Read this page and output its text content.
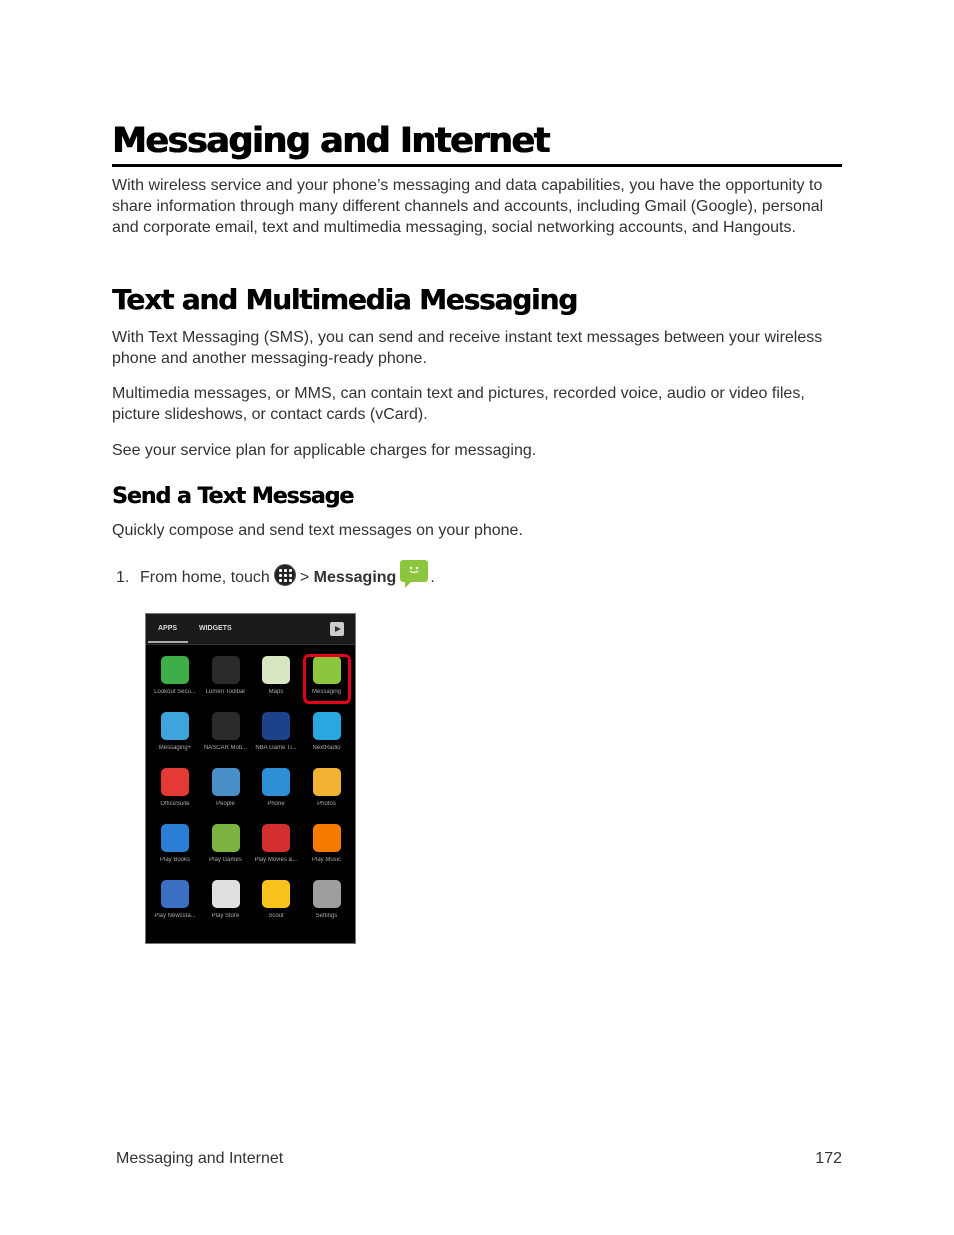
Messaging and Internet

With wireless service and your phone’s messaging and data capabilities, you have the opportunity to share information through many different channels and accounts, including Gmail (Google), personal and corporate email, text and multimedia messaging, social networking accounts, and Hangouts.

Text and Multimedia Messaging

With Text Messaging (SMS), you can send and receive instant text messages between your wireless phone and another messaging-ready phone.

Multimedia messages, or MMS, can contain text and pictures, recorded voice, audio or video files, picture slideshows, or contact cards (vCard).

See your service plan for applicable charges for messaging.

Send a Text Message

Quickly compose and send text messages on your phone.

1. From home, touch >
Messaging .
APPS	WIDGETS
Lookout Secu...	Lumen Toolbar	Maps	Messaging
Messaging+	NASCAR Mob...	NBA Game Ti...	NextRadio
OfficeSuite	People	Phone	Photos
Play Books	Play Games	Play Movies &...	Play Music
Play Newssta...	Play Store	Scout	Settings
Messaging and Internet	172
